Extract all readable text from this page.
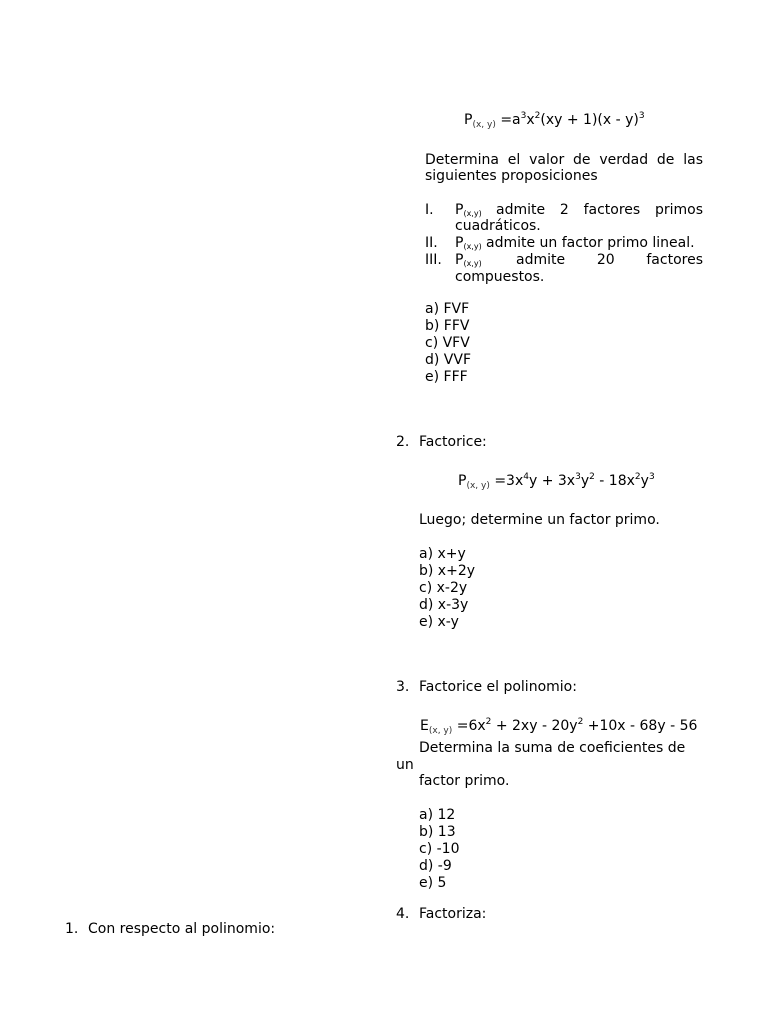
$P_{(x, y)} =a^3x^2(xy + 1)(x - y)^3$
Determina el valor de verdad de las
siguientes proposiciones
I. P(x,y) admite 2 factores primos
cuadráticos.
II. P(x,y) admite un factor primo lineal.
III. P(x,y) admite 20 factores
compuestos.
a) FVF
b) FFV
c) VFV
d) VVF
e) FFF
2. Factorice:
$P_{(x, y)} =3x^4y + 3x^3y^2 - 18x^2y^3$
Luego; determine un factor primo.
a) x+y
b) x+2y
c) x-2y
d) x-3y
e) x-y
3. Factorice el polinomio:
$E_{(x, y)} =6x^2 + 2xy - 20y^2 +10x - 68y - 56$
Determina la suma de coeficientes de
un
factor primo.
a) 12
b) 13
c) -10
d) -9
e) 5
4. Factoriza:
1. Con respecto al polinomio:
